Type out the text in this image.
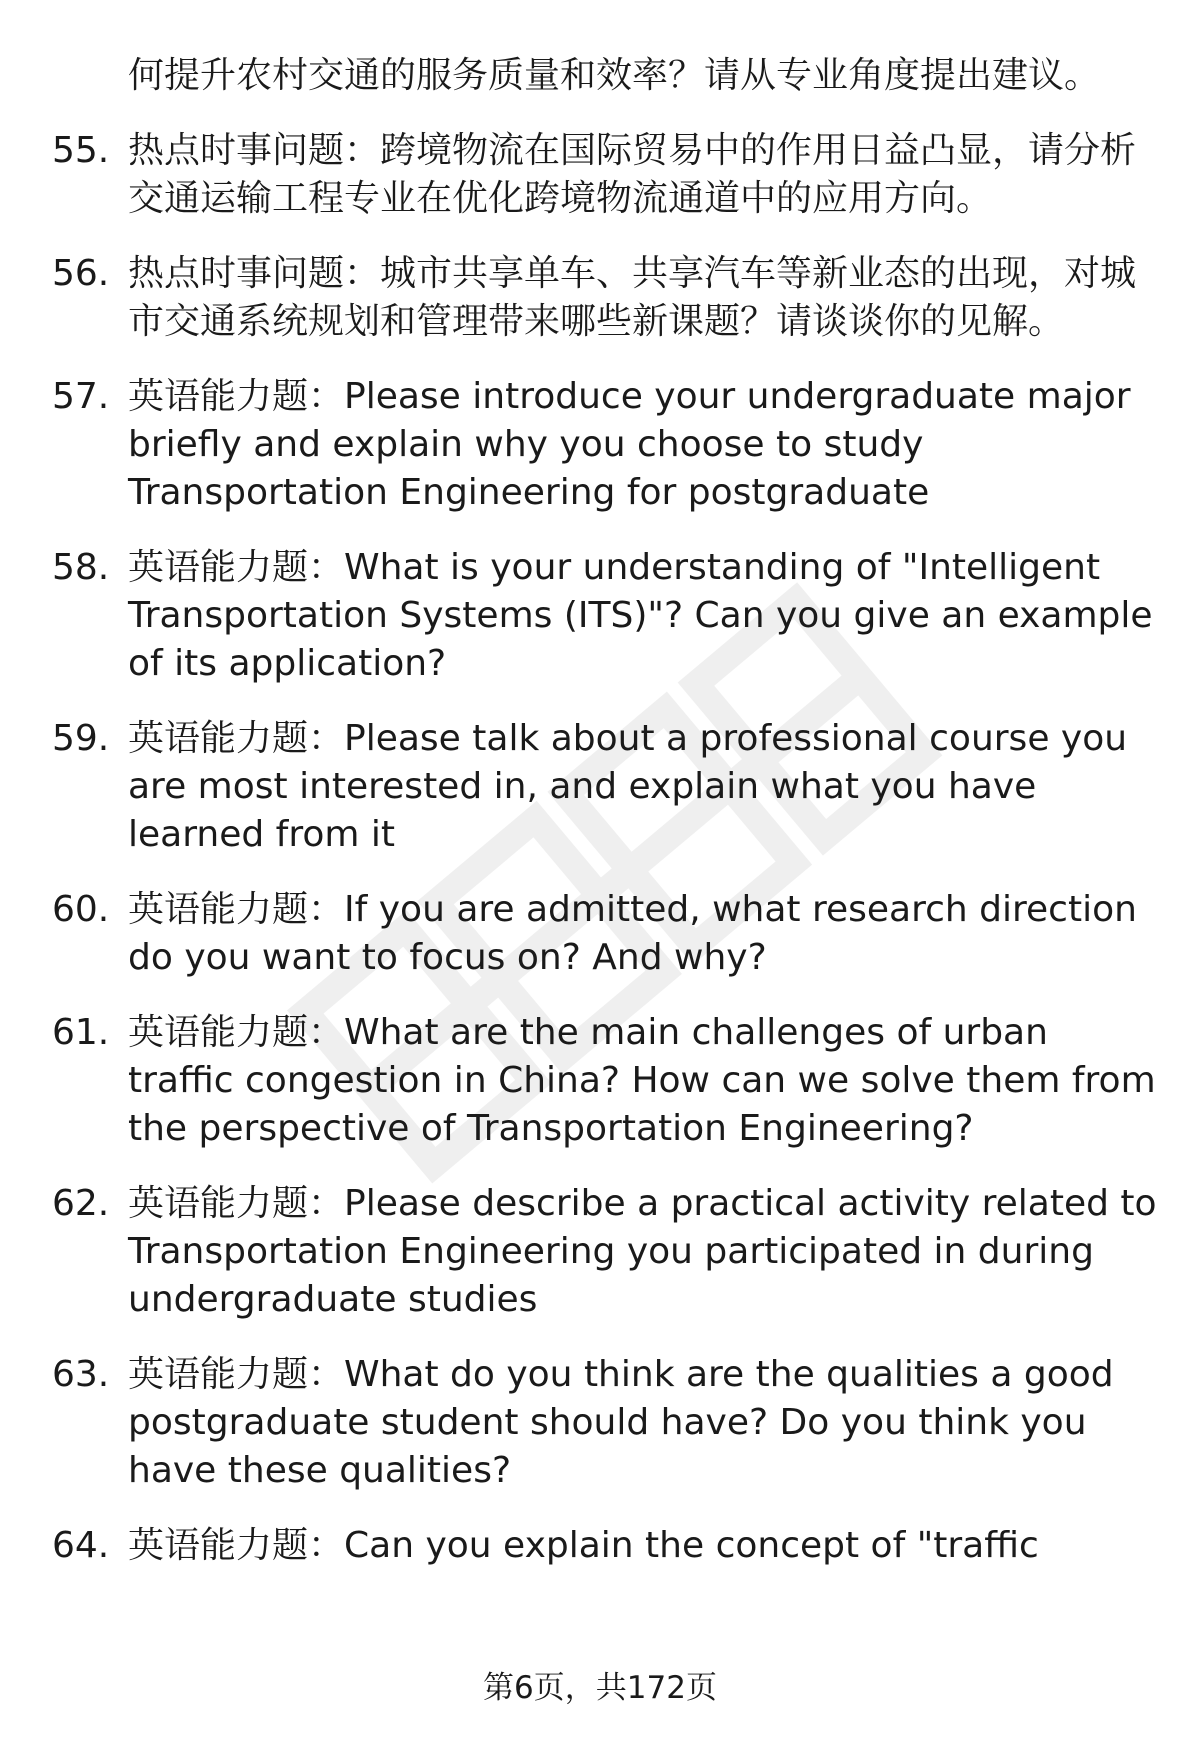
何提升农村交通的服务质量和效率？请从专业角度提出建议。
55. 热点时事问题：跨境物流在国际贸易中的作用日益凸显，请分析交通运输工程专业在优化跨境物流通道中的应用方向。
56. 热点时事问题：城市共享单车、共享汽车等新业态的出现，对城市交通系统规划和管理带来哪些新课题？请谈谈你的见解。
57. 英语能力题：Please introduce your undergraduate major briefly and explain why you choose to study Transportation Engineering for postgraduate
58. 英语能力题：What is your understanding of "Intelligent Transportation Systems (ITS)"? Can you give an example of its application?
59. 英语能力题：Please talk about a professional course you are most interested in, and explain what you have learned from it
60. 英语能力题：If you are admitted, what research direction do you want to focus on? And why?
61. 英语能力题：What are the main challenges of urban traffic congestion in China? How can we solve them from the perspective of Transportation Engineering?
62. 英语能力题：Please describe a practical activity related to Transportation Engineering you participated in during undergraduate studies
63. 英语能力题：What do you think are the qualities a good postgraduate student should have? Do you think you have these qualities?
64. 英语能力题：Can you explain the concept of "traffic
第6页，共172页
